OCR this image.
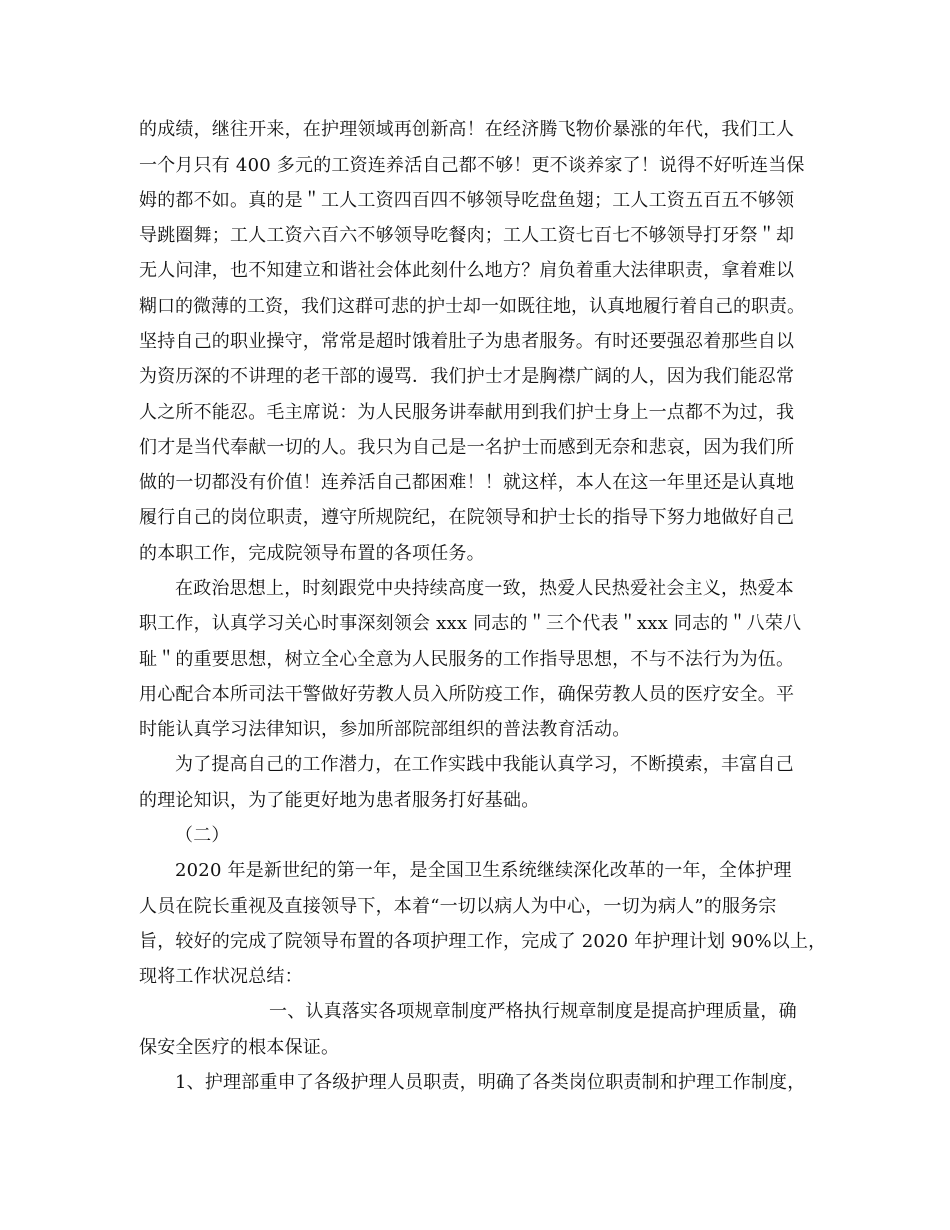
的成绩，继往开来，在护理领域再创新高！在经济腾飞物价暴涨的年代，我们工人
一个月只有 400 多元的工资连养活自己都不够！更不谈养家了！说得不好听连当保
姆的都不如。真的是＂工人工资四百四不够领导吃盘鱼翅；工人工资五百五不够领
导跳圈舞；工人工资六百六不够领导吃餐肉；工人工资七百七不够领导打牙祭＂却
无人问津，也不知建立和谐社会体此刻什么地方？肩负着重大法律职责，拿着难以
糊口的微薄的工资，我们这群可悲的护士却一如既往地，认真地履行着自己的职责。
坚持自己的职业操守，常常是超时饿着肚子为患者服务。有时还要强忍着那些自以
为资历深的不讲理的老干部的谩骂．我们护士才是胸襟广阔的人，因为我们能忍常
人之所不能忍。毛主席说：为人民服务讲奉献用到我们护士身上一点都不为过，我
们才是当代奉献一切的人。我只为自己是一名护士而感到无奈和悲哀，因为我们所
做的一切都没有价值！连养活自己都困难！！就这样，本人在这一年里还是认真地
履行自己的岗位职责，遵守所规院纪，在院领导和护士长的指导下努力地做好自己
的本职工作，完成院领导布置的各项任务。
在政治思想上，时刻跟党中央持续高度一致，热爱人民热爱社会主义，热爱本
职工作，认真学习关心时事深刻领会 xxx 同志的＂三个代表＂xxx 同志的＂八荣八
耻＂的重要思想，树立全心全意为人民服务的工作指导思想，不与不法行为为伍。
用心配合本所司法干警做好劳教人员入所防疫工作，确保劳教人员的医疗安全。平
时能认真学习法律知识，参加所部院部组织的普法教育活动。
为了提高自己的工作潜力，在工作实践中我能认真学习，不断摸索，丰富自己
的理论知识，为了能更好地为患者服务打好基础。
（二）
2020 年是新世纪的第一年，是全国卫生系统继续深化改革的一年，全体护理
人员在院长重视及直接领导下，本着“一切以病人为中心，一切为病人”的服务宗
旨，较好的完成了院领导布置的各项护理工作，完成了 2020 年护理计划 90%以上，
现将工作状况总结：
一、认真落实各项规章制度严格执行规章制度是提高护理质量，确
保安全医疗的根本保证。
1、护理部重申了各级护理人员职责，明确了各类岗位职责制和护理工作制度，
